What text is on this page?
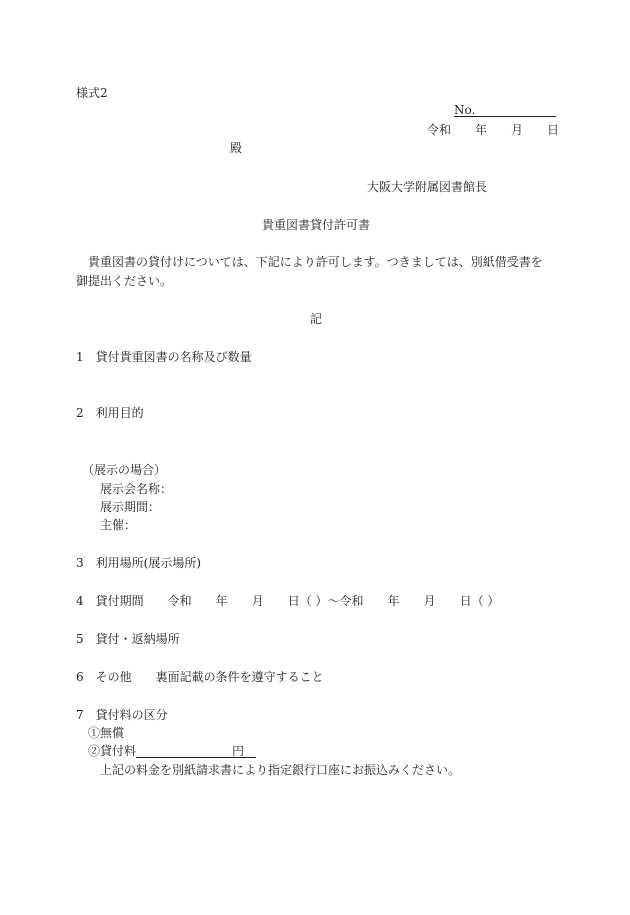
様式2
No.
令和 年 月 日
殿
大阪大学附属図書館長
貴重図書貸付許可書
貴重図書の貸付けについては、下記により許可します。つきましては、別紙借受書を御提出ください。
記
1 貸付貴重図書の名称及び数量
2 利用目的
（展示の場合）
展示会名称：
展示期間：
主催：
3 利用場所(展示場所)
4 貸付期間 令和 年 月 日（ ）～令和 年 月 日（ ）
5 貸付・返納場所
6 その他 裏面記載の条件を遵守すること
7 貸付料の区分
①無償
②貸付料	円
上記の料金を別紙請求書により指定銀行口座にお振込みください。
